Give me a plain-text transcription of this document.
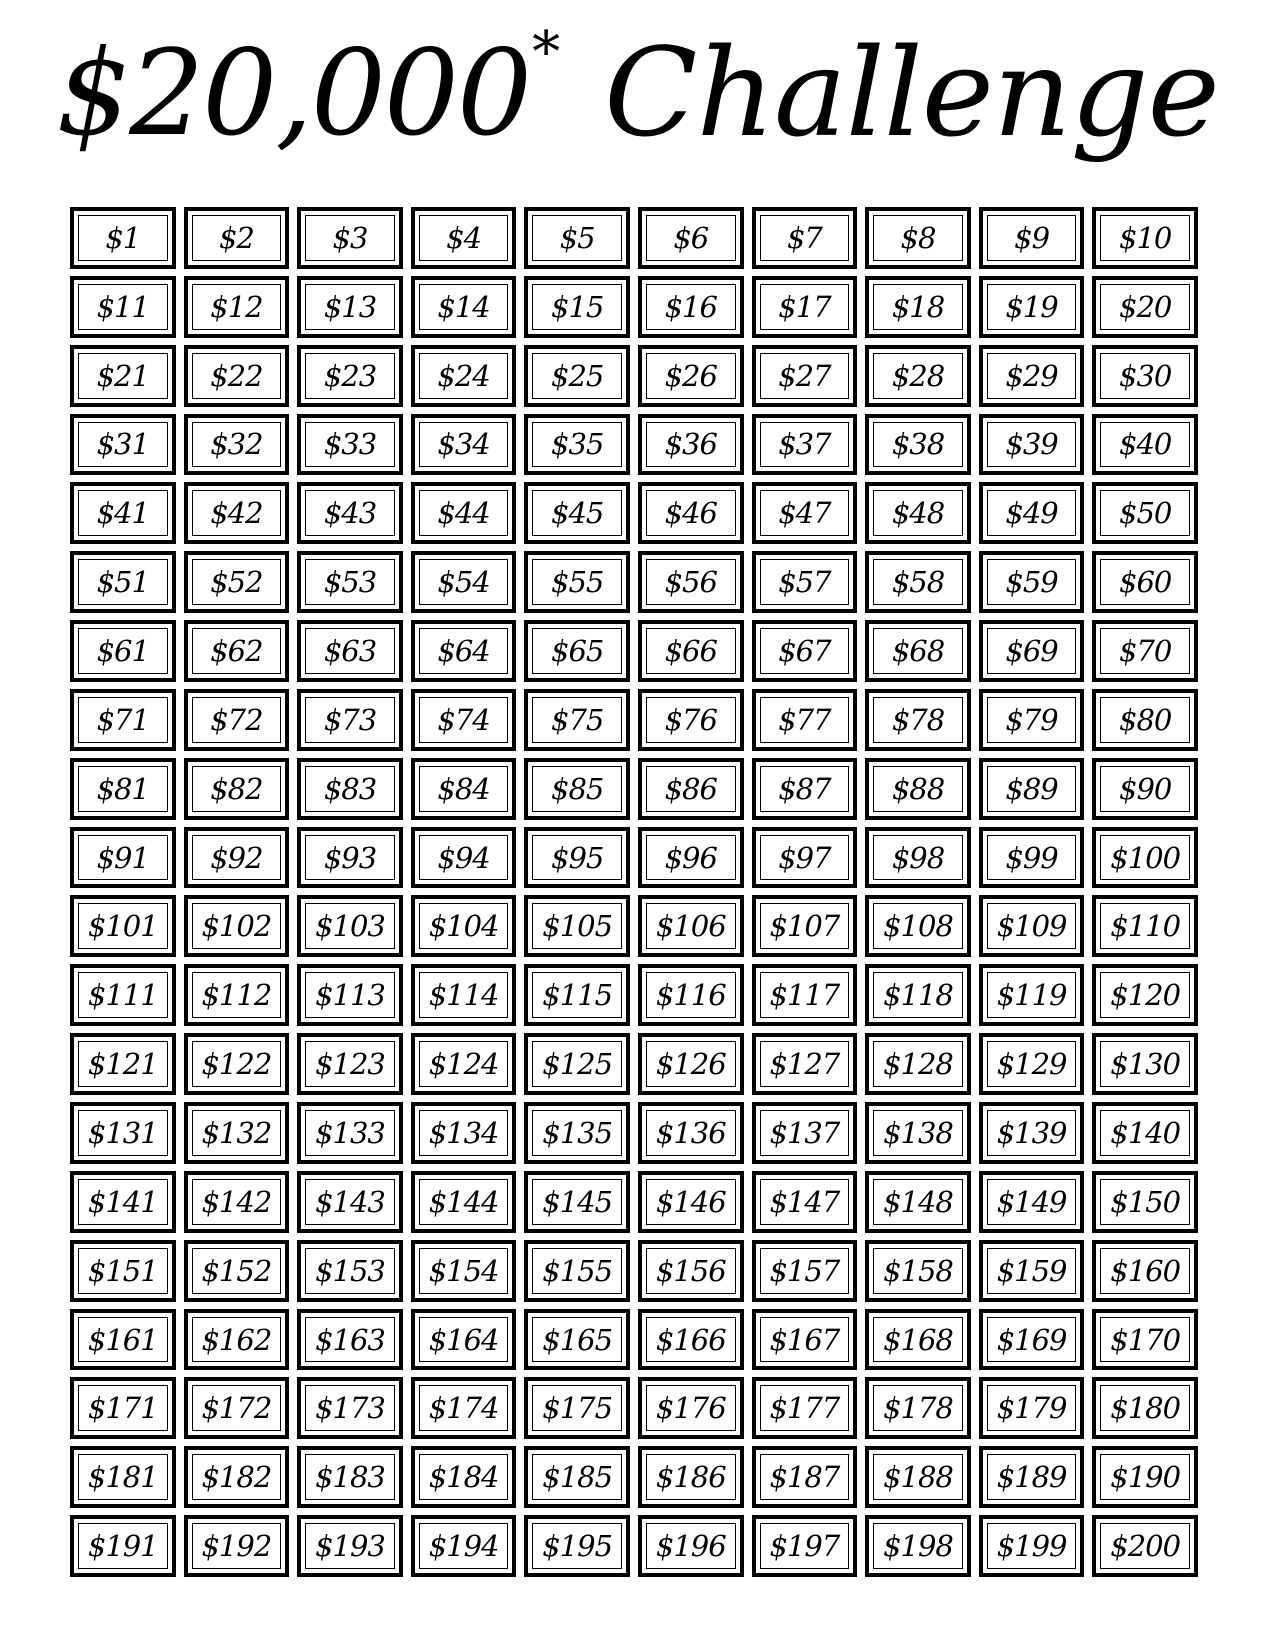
$20,000* Challenge
$1	$2	$3	$4	$5	$6	$7	$8	$9	$10
$11	$12	$13	$14	$15	$16	$17	$18	$19	$20
$21	$22	$23	$24	$25	$26	$27	$28	$29	$30
$31	$32	$33	$34	$35	$36	$37	$38	$39	$40
$41	$42	$43	$44	$45	$46	$47	$48	$49	$50
$51	$52	$53	$54	$55	$56	$57	$58	$59	$60
$61	$62	$63	$64	$65	$66	$67	$68	$69	$70
$71	$72	$73	$74	$75	$76	$77	$78	$79	$80
$81	$82	$83	$84	$85	$86	$87	$88	$89	$90
$91	$92	$93	$94	$95	$96	$97	$98	$99	$100
$101	$102	$103	$104	$105	$106	$107	$108	$109	$110
$111	$112	$113	$114	$115	$116	$117	$118	$119	$120
$121	$122	$123	$124	$125	$126	$127	$128	$129	$130
$131	$132	$133	$134	$135	$136	$137	$138	$139	$140
$141	$142	$143	$144	$145	$146	$147	$148	$149	$150
$151	$152	$153	$154	$155	$156	$157	$158	$159	$160
$161	$162	$163	$164	$165	$166	$167	$168	$169	$170
$171	$172	$173	$174	$175	$176	$177	$178	$179	$180
$181	$182	$183	$184	$185	$186	$187	$188	$189	$190
$191	$192	$193	$194	$195	$196	$197	$198	$199	$200
